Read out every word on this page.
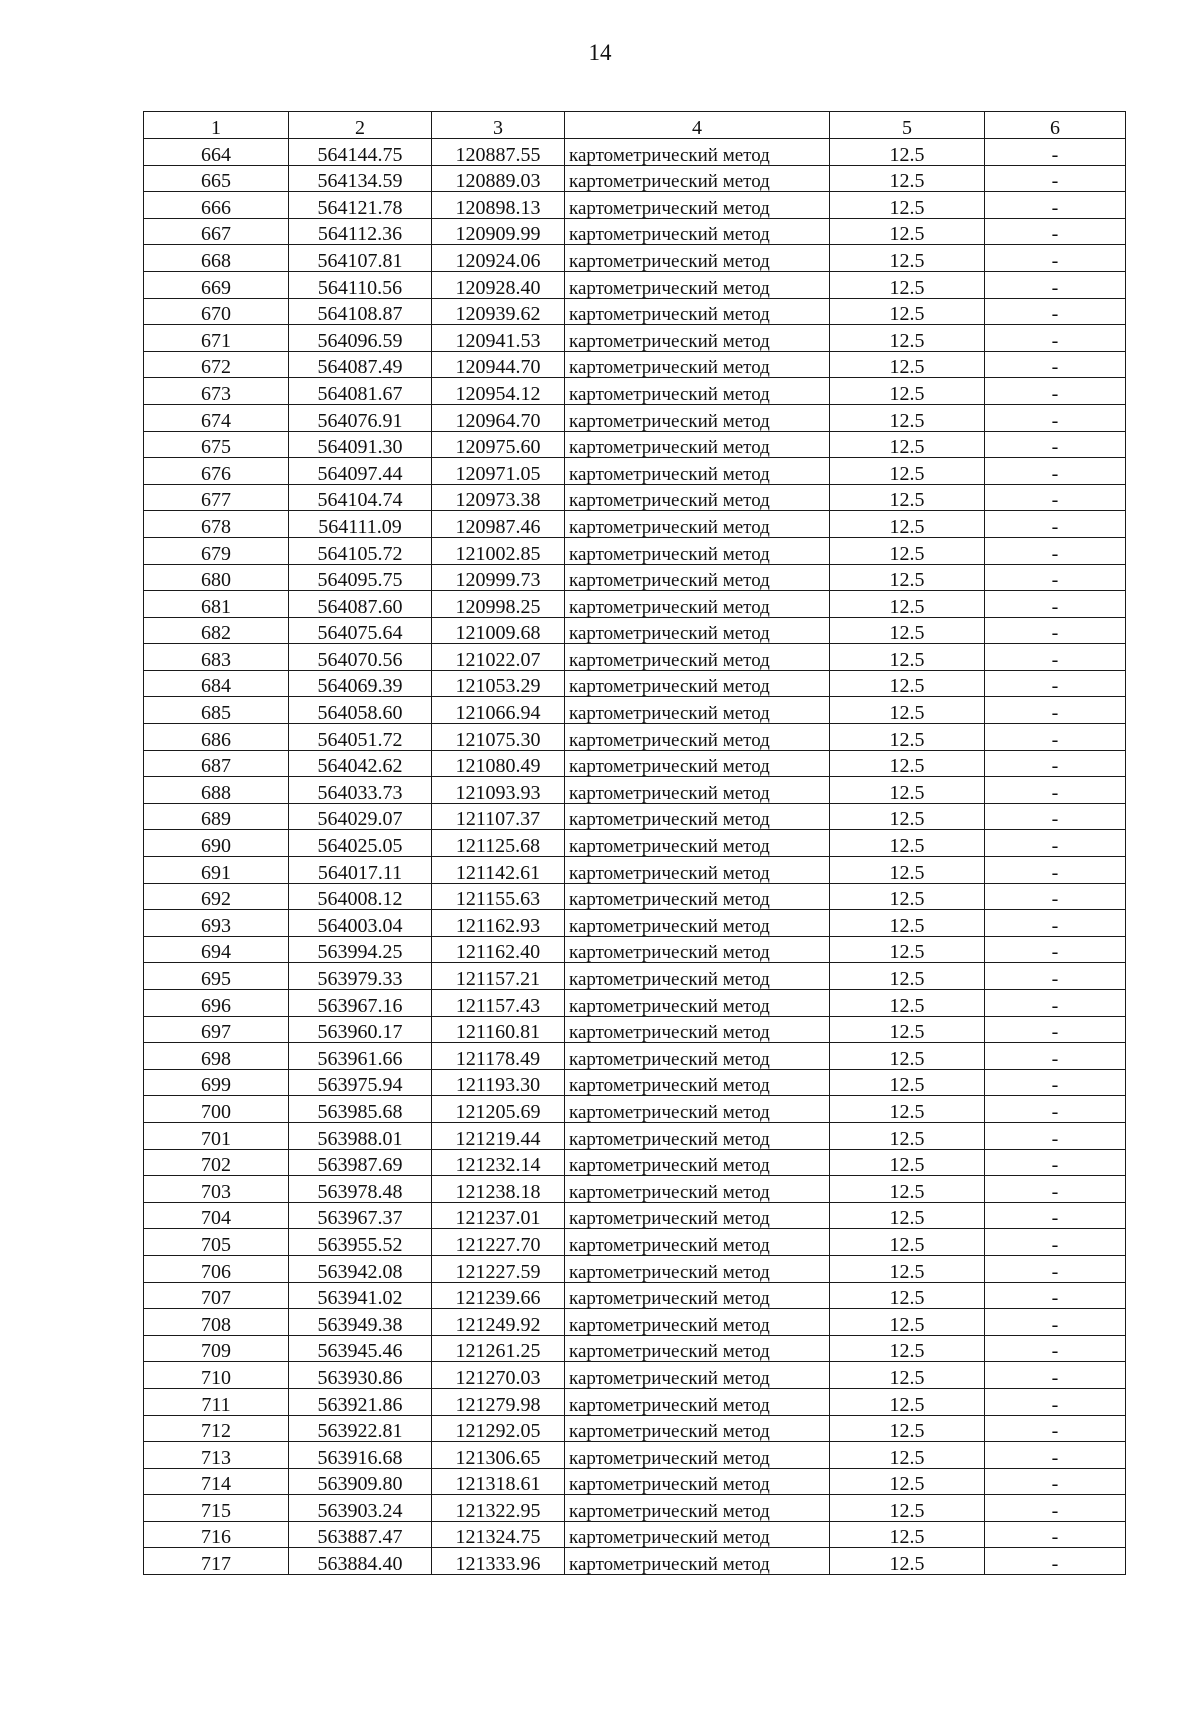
14
1	2	3	4	5	6
664	564144.75	120887.55	картометрический метод	12.5	-
665	564134.59	120889.03	картометрический метод	12.5	-
666	564121.78	120898.13	картометрический метод	12.5	-
667	564112.36	120909.99	картометрический метод	12.5	-
668	564107.81	120924.06	картометрический метод	12.5	-
669	564110.56	120928.40	картометрический метод	12.5	-
670	564108.87	120939.62	картометрический метод	12.5	-
671	564096.59	120941.53	картометрический метод	12.5	-
672	564087.49	120944.70	картометрический метод	12.5	-
673	564081.67	120954.12	картометрический метод	12.5	-
674	564076.91	120964.70	картометрический метод	12.5	-
675	564091.30	120975.60	картометрический метод	12.5	-
676	564097.44	120971.05	картометрический метод	12.5	-
677	564104.74	120973.38	картометрический метод	12.5	-
678	564111.09	120987.46	картометрический метод	12.5	-
679	564105.72	121002.85	картометрический метод	12.5	-
680	564095.75	120999.73	картометрический метод	12.5	-
681	564087.60	120998.25	картометрический метод	12.5	-
682	564075.64	121009.68	картометрический метод	12.5	-
683	564070.56	121022.07	картометрический метод	12.5	-
684	564069.39	121053.29	картометрический метод	12.5	-
685	564058.60	121066.94	картометрический метод	12.5	-
686	564051.72	121075.30	картометрический метод	12.5	-
687	564042.62	121080.49	картометрический метод	12.5	-
688	564033.73	121093.93	картометрический метод	12.5	-
689	564029.07	121107.37	картометрический метод	12.5	-
690	564025.05	121125.68	картометрический метод	12.5	-
691	564017.11	121142.61	картометрический метод	12.5	-
692	564008.12	121155.63	картометрический метод	12.5	-
693	564003.04	121162.93	картометрический метод	12.5	-
694	563994.25	121162.40	картометрический метод	12.5	-
695	563979.33	121157.21	картометрический метод	12.5	-
696	563967.16	121157.43	картометрический метод	12.5	-
697	563960.17	121160.81	картометрический метод	12.5	-
698	563961.66	121178.49	картометрический метод	12.5	-
699	563975.94	121193.30	картометрический метод	12.5	-
700	563985.68	121205.69	картометрический метод	12.5	-
701	563988.01	121219.44	картометрический метод	12.5	-
702	563987.69	121232.14	картометрический метод	12.5	-
703	563978.48	121238.18	картометрический метод	12.5	-
704	563967.37	121237.01	картометрический метод	12.5	-
705	563955.52	121227.70	картометрический метод	12.5	-
706	563942.08	121227.59	картометрический метод	12.5	-
707	563941.02	121239.66	картометрический метод	12.5	-
708	563949.38	121249.92	картометрический метод	12.5	-
709	563945.46	121261.25	картометрический метод	12.5	-
710	563930.86	121270.03	картометрический метод	12.5	-
711	563921.86	121279.98	картометрический метод	12.5	-
712	563922.81	121292.05	картометрический метод	12.5	-
713	563916.68	121306.65	картометрический метод	12.5	-
714	563909.80	121318.61	картометрический метод	12.5	-
715	563903.24	121322.95	картометрический метод	12.5	-
716	563887.47	121324.75	картометрический метод	12.5	-
717	563884.40	121333.96	картометрический метод	12.5	-
